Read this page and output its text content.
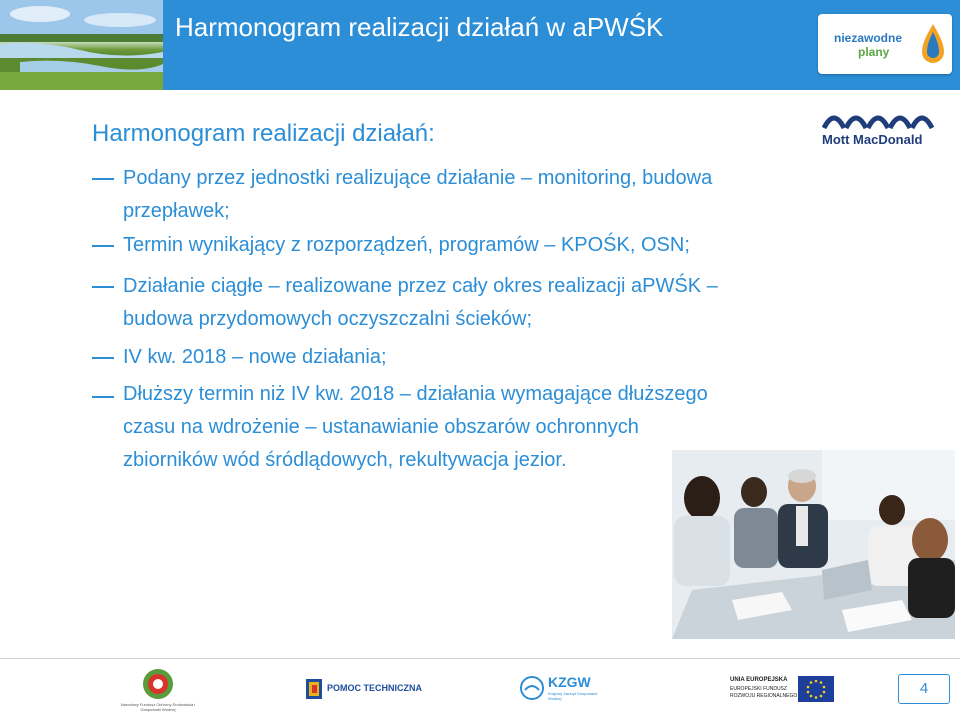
Harmonogram realizacji działań w aPWŚK	niezawodne
plany
Mott MacDonald
Harmonogram realizacji działań:
Podany przez jednostki realizujące działanie – monitoring, budowa
przepławek;
Termin wynikający z rozporządzeń, programów – KPOŚK, OSN;
Działanie ciągłe – realizowane przez cały okres realizacji aPWŚK –
budowa przydomowych oczyszczalni ścieków;
IV kw. 2018 – nowe działania;
Dłuższy termin niż IV kw. 2018 – działania wymagające dłuższego
czasu na wdrożenie – ustanawianie obszarów ochronnych
zbiorników wód śródlądowych, rekultywacja jezior.
Narodowy Fundusz Ochrony Środowiska i Gospodarki Wodnej
POMOC TECHNICZNA	KZGW
Krajowy Zarząd Gospodarki Wodnej
UNIA EUROPEJSKA
EUROPEJSKI FUNDUSZ
ROZWOJU REGIONALNEGO	4
